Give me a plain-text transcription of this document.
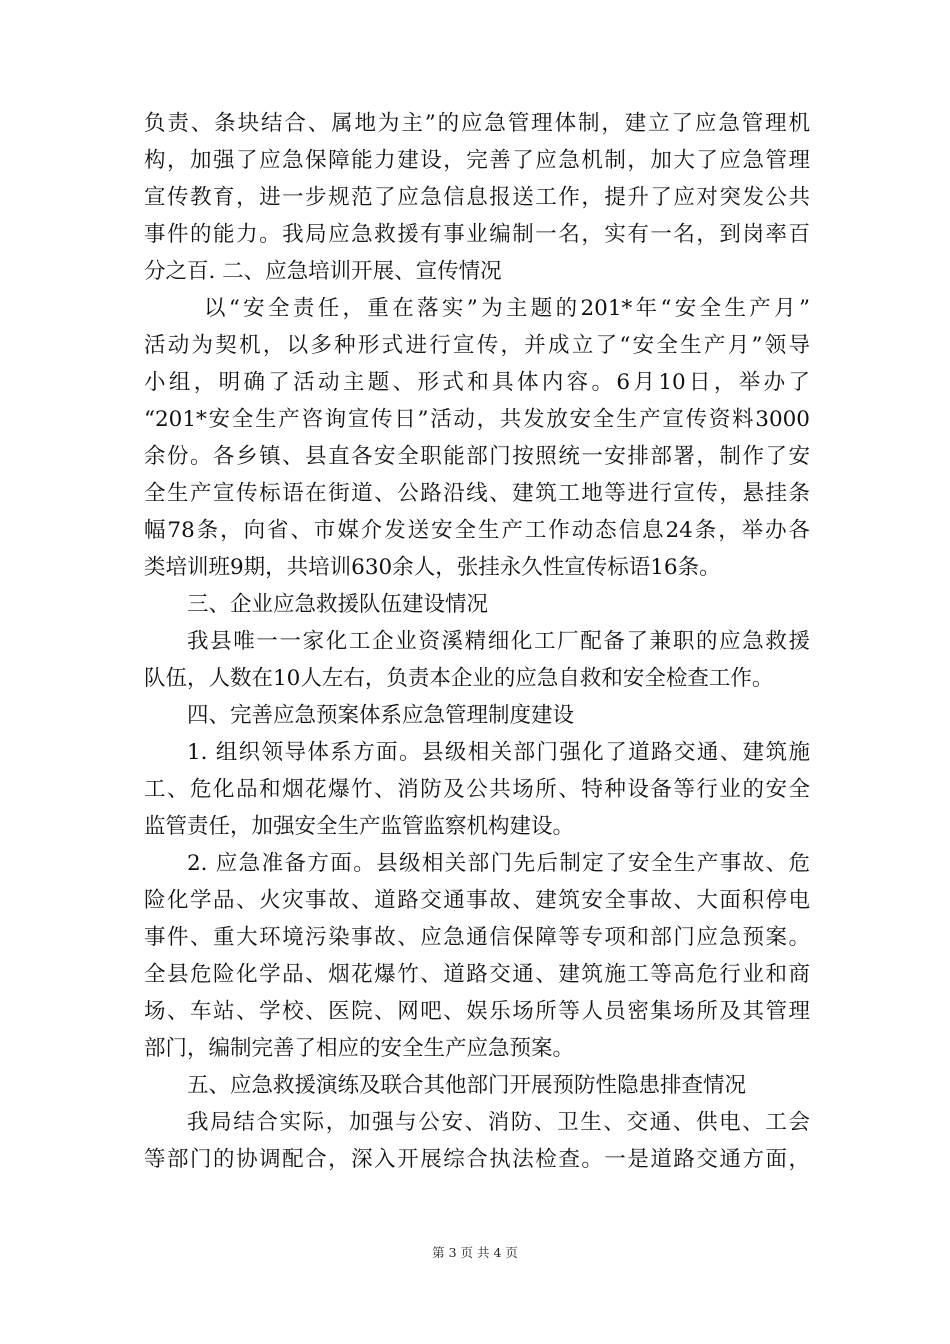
负责、条块结合、属地为主”的应急管理体制，建立了应急管理机
构，加强了应急保障能力建设，完善了应急机制，加大了应急管理
宣传教育，进一步规范了应急信息报送工作，提升了应对突发公共
事件的能力。我局应急救援有事业编制一名，实有一名，到岗率百
分之百. 二、应急培训开展、宣传情况
以“安全责任，重在落实”为主题的201*年“安全生产月”
活动为契机，以多种形式进行宣传，并成立了“安全生产月”领导
小组，明确了活动主题、形式和具体内容。6月10日，举办了
“201*安全生产咨询宣传日”活动，共发放安全生产宣传资料3000
余份。各乡镇、县直各安全职能部门按照统一安排部署，制作了安
全生产宣传标语在街道、公路沿线、建筑工地等进行宣传，悬挂条
幅78条，向省、市媒介发送安全生产工作动态信息24条，举办各
类培训班9期，共培训630余人，张挂永久性宣传标语16条。
三、企业应急救援队伍建设情况
我县唯一一家化工企业资溪精细化工厂配备了兼职的应急救援
队伍，人数在10人左右，负责本企业的应急自救和安全检查工作。
四、完善应急预案体系应急管理制度建设
1. 组织领导体系方面。县级相关部门强化了道路交通、建筑施
工、危化品和烟花爆竹、消防及公共场所、特种设备等行业的安全
监管责任，加强安全生产监管监察机构建设。
2. 应急准备方面。县级相关部门先后制定了安全生产事故、危
险化学品、火灾事故、道路交通事故、建筑安全事故、大面积停电
事件、重大环境污染事故、应急通信保障等专项和部门应急预案。
全县危险化学品、烟花爆竹、道路交通、建筑施工等高危行业和商
场、车站、学校、医院、网吧、娱乐场所等人员密集场所及其管理
部门，编制完善了相应的安全生产应急预案。
五、应急救援演练及联合其他部门开展预防性隐患排查情况
我局结合实际，加强与公安、消防、卫生、交通、供电、工会
等部门的协调配合，深入开展综合执法检查。一是道路交通方面，
第 3 页 共 4 页
